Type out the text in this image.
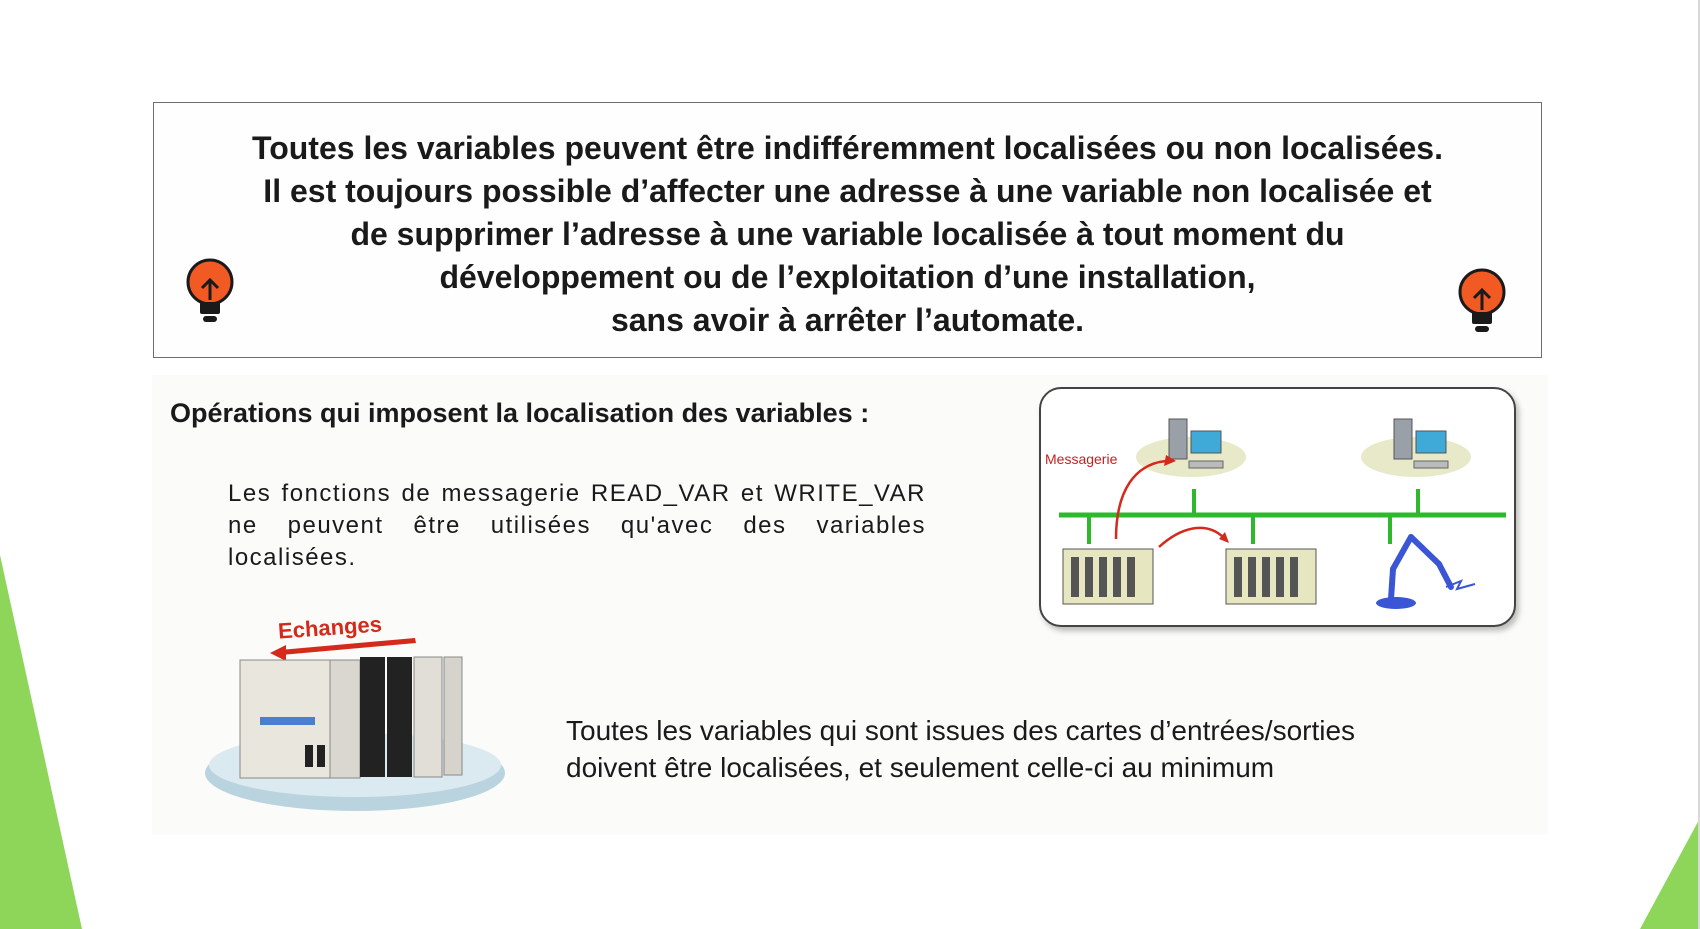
Toutes les variables peuvent être indifféremment localisées ou non localisées.
Il est toujours possible d’affecter une adresse à une variable non localisée et
de supprimer l’adresse à une variable localisée à tout moment du
développement ou de l’exploitation d’une installation,
sans avoir à arrêter l’automate.
Opérations qui imposent la localisation des variables :
Les fonctions de messagerie READ_VAR et WRITE_VAR ne peuvent être utilisées qu'avec des variables localisées.
Messagerie
Echanges
Toutes les variables qui sont issues des cartes d’entrées/sorties
doivent être localisées, et seulement celle-ci au minimum
